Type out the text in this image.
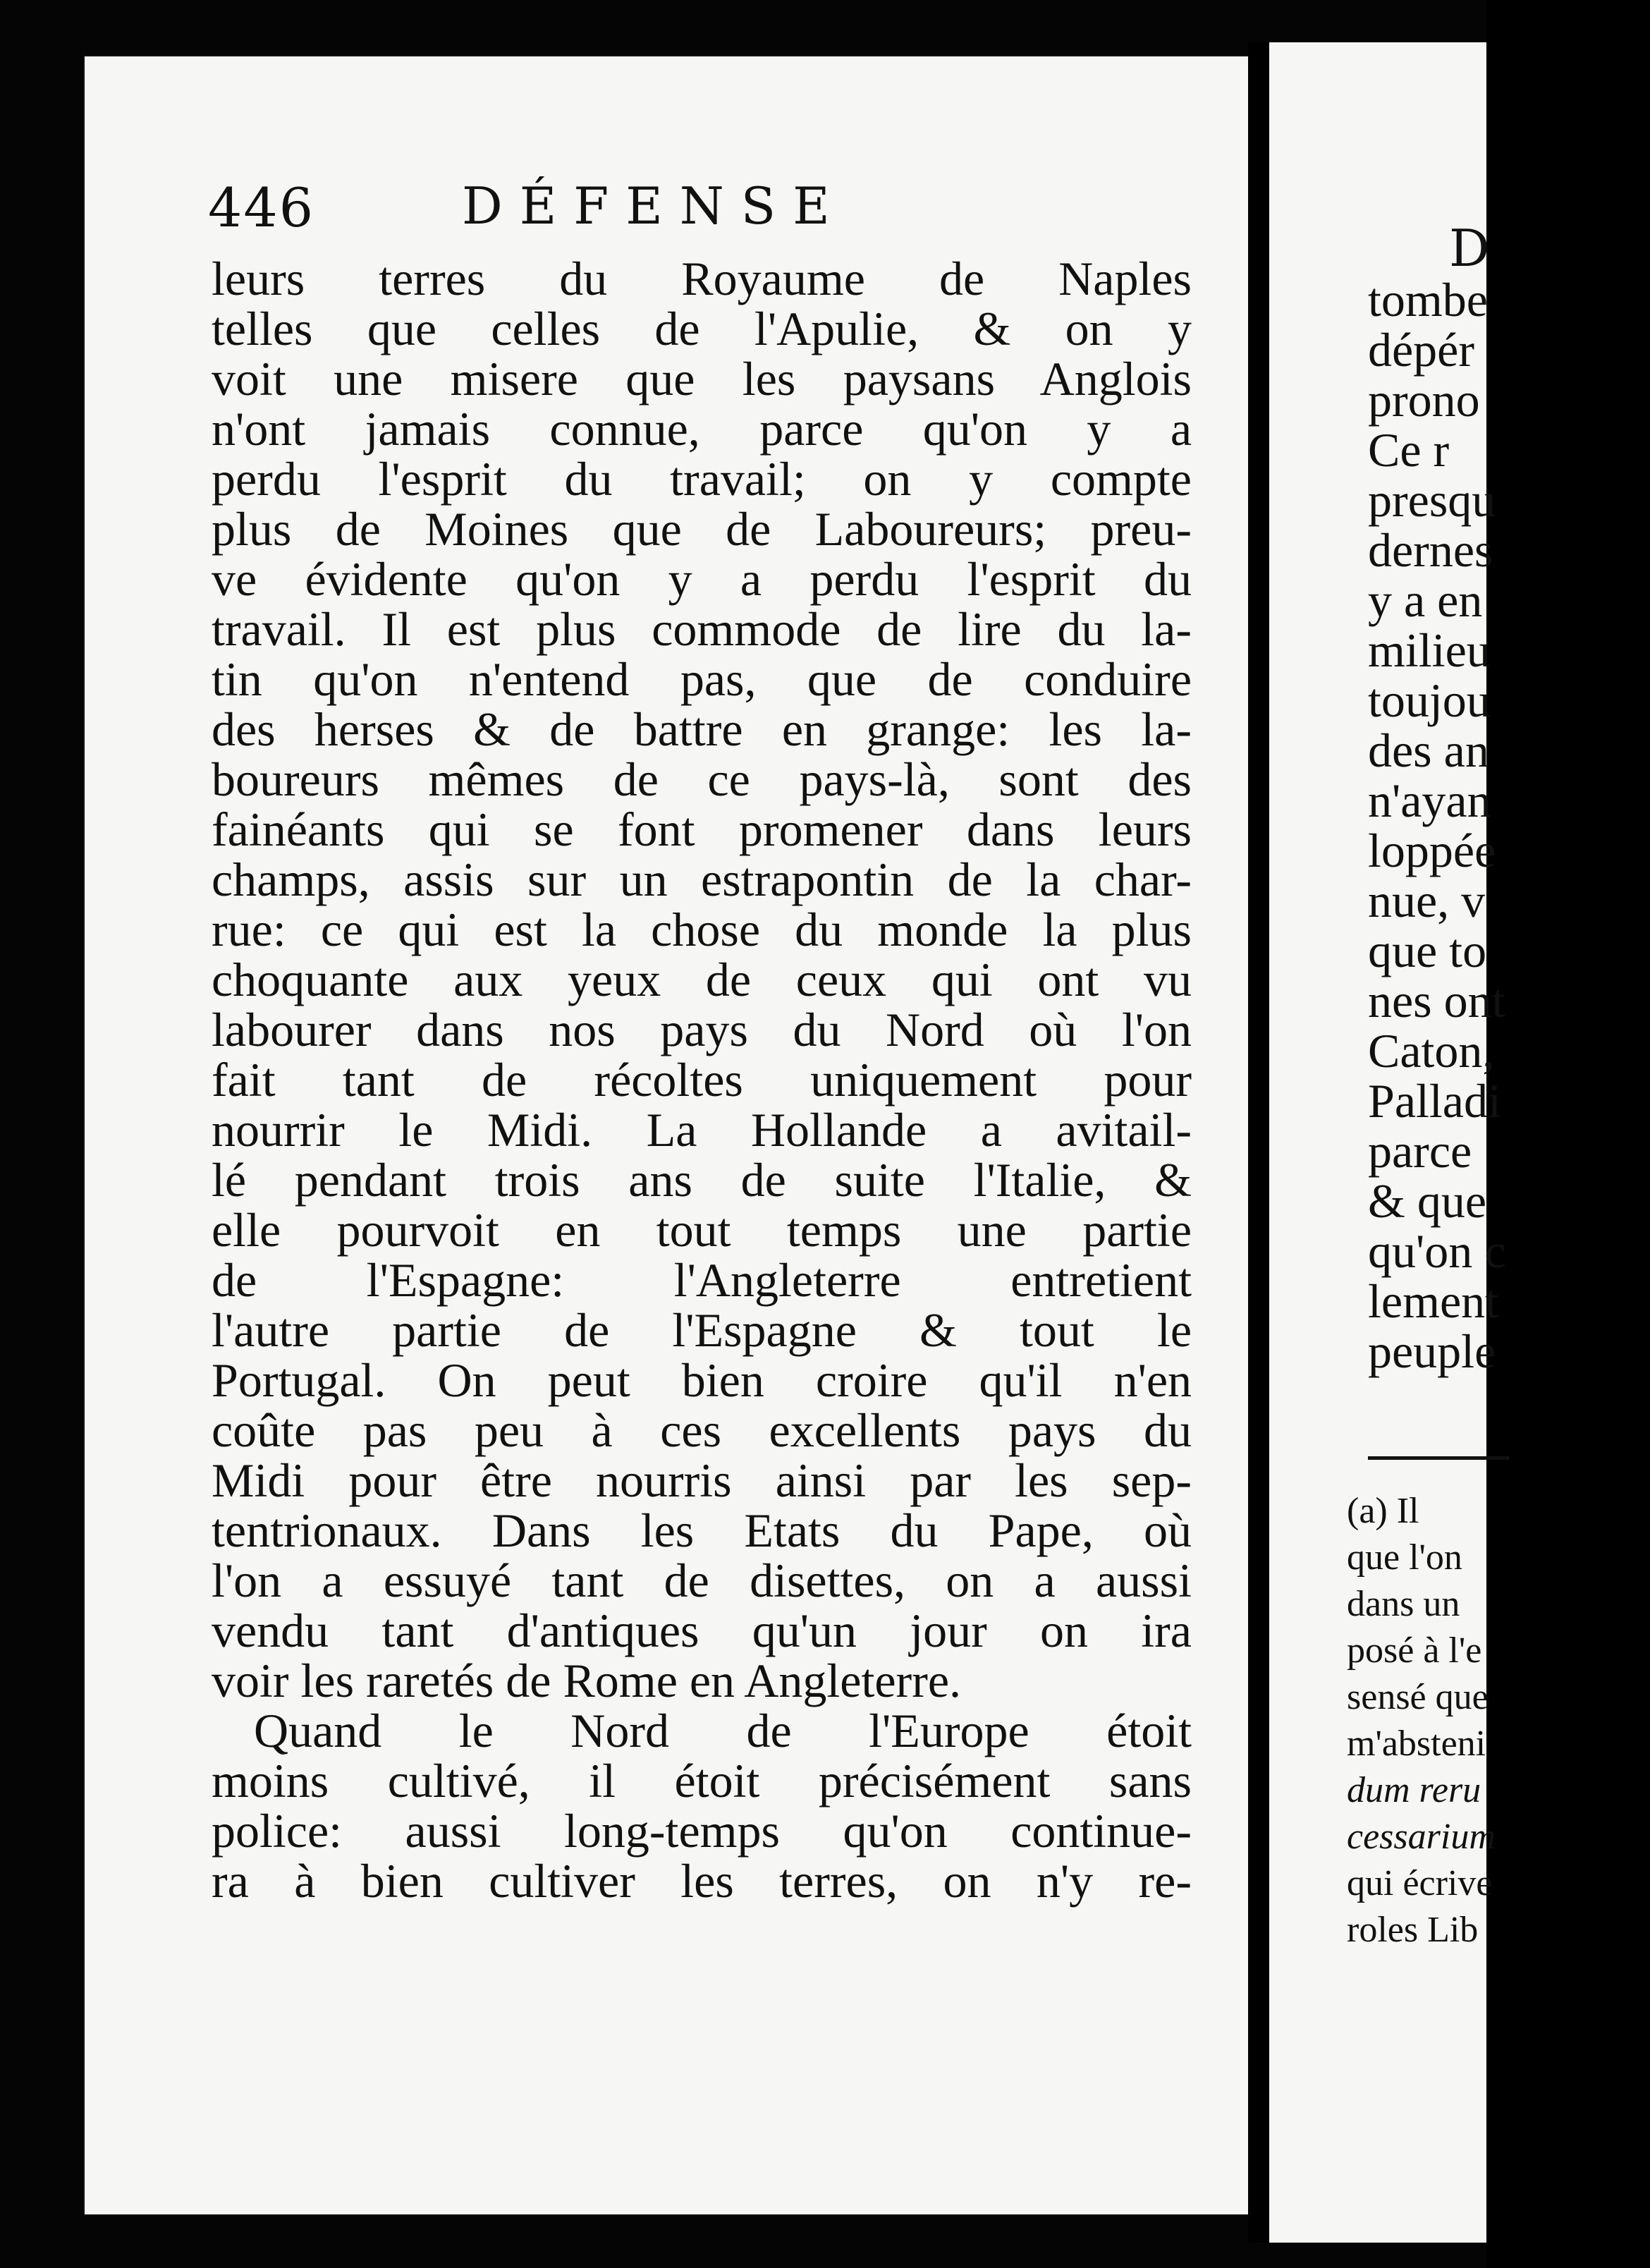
D
tombe
dépér
prono
Ce r
presqu
dernes
y a en
milieu
toujou
des an
n'ayan
loppée
nue, v
que to
nes ont
Caton,
Palladi
parce
& que
qu'on c
lement
peuple
(a) Il
que l'on
dans un
posé à l'e
sensé que
m'absteni
dum reru
cessarium
qui écrive
roles Lib
446	DÉFENSE
leurs terres du Royaume de Naples
telles que celles de l'Apulie, & on y
voit une misere que les paysans Anglois
n'ont jamais connue, parce qu'on y a
perdu l'esprit du travail; on y compte
plus de Moines que de Laboureurs; preu-
ve évidente qu'on y a perdu l'esprit du
travail. Il est plus commode de lire du la-
tin qu'on n'entend pas, que de conduire
des herses & de battre en grange: les la-
boureurs mêmes de ce pays-là, sont des
fainéants qui se font promener dans leurs
champs, assis sur un estrapontin de la char-
rue: ce qui est la chose du monde la plus
choquante aux yeux de ceux qui ont vu
labourer dans nos pays du Nord où l'on
fait tant de récoltes uniquement pour
nourrir le Midi. La Hollande a avitail-
lé pendant trois ans de suite l'Italie, &
elle pourvoit en tout temps une partie
de l'Espagne: l'Angleterre entretient
l'autre partie de l'Espagne & tout le
Portugal. On peut bien croire qu'il n'en
coûte pas peu à ces excellents pays du
Midi pour être nourris ainsi par les sep-
tentrionaux. Dans les Etats du Pape, où
l'on a essuyé tant de disettes, on a aussi
vendu tant d'antiques qu'un jour on ira
voir les raretés de Rome en Angleterre.
Quand le Nord de l'Europe étoit
moins cultivé, il étoit précisément sans
police: aussi long-temps qu'on continue-
ra à bien cultiver les terres, on n'y re-
